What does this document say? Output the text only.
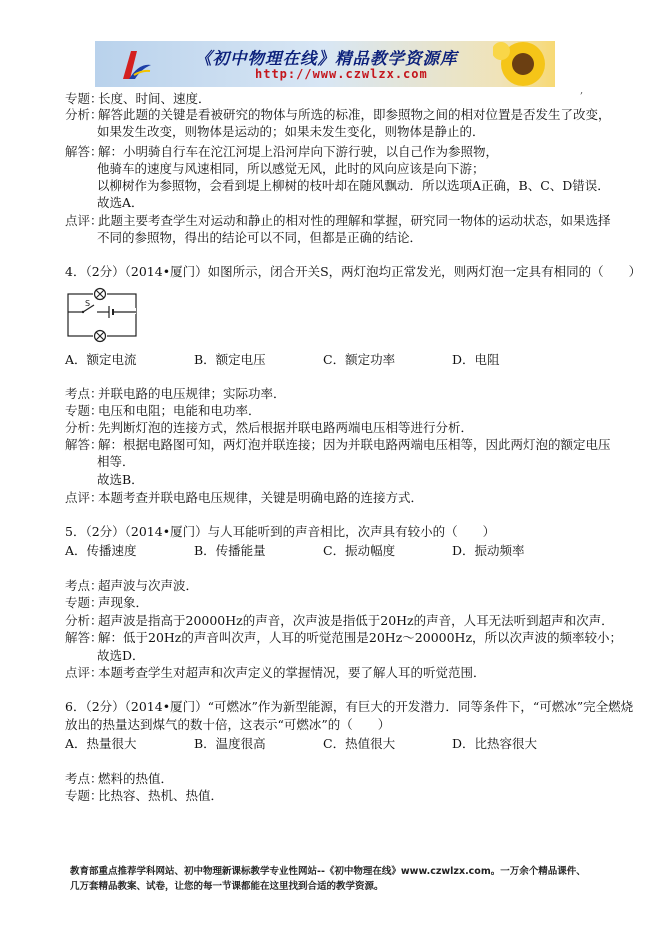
《初中物理在线》精品教学资源库
http://www.czwlzx.com
,
专题：长度、时间、速度．
分析：解答此题的关键是看被研究的物体与所选的标准，即参照物之间的相对位置是否发生了改变，
如果发生改变，则物体是运动的；如果未发生变化，则物体是静止的．
解答：解：小明骑自行车在沱江河堤上沿河岸向下游行驶，以自己作为参照物，
他骑车的速度与风速相同，所以感觉无风，此时的风向应该是向下游；
以柳树作为参照物，会看到堤上柳树的枝叶却在随风飘动．所以选项A正确，B、C、D错误．
故选A．
点评：此题主要考查学生对运动和静止的相对性的理解和掌握，研究同一物体的运动状态，如果选择
不同的参照物，得出的结论可以不同，但都是正确的结论．
4．（2分）（2014•厦门）如图所示，闭合开关S，两灯泡均正常发光，则两灯泡一定具有相同的（　　）
S
A．额定电流	B．额定电压	C．额定功率	D．电阻
考点：并联电路的电压规律；实际功率．
专题：电压和电阻；电能和电功率．
分析：先判断灯泡的连接方式，然后根据并联电路两端电压相等进行分析．
解答：解：根据电路图可知，两灯泡并联连接；因为并联电路两端电压相等，因此两灯泡的额定电压
相等．
故选B．
点评：本题考查并联电路电压规律，关键是明确电路的连接方式．
5．（2分）（2014•厦门）与人耳能听到的声音相比，次声具有较小的（　　）
A．传播速度	B．传播能量	C．振动幅度	D．振动频率
考点：超声波与次声波．
专题：声现象．
分析：超声波是指高于20000Hz的声音，次声波是指低于20Hz的声音，人耳无法听到超声和次声．
解答：解：低于20Hz的声音叫次声，人耳的听觉范围是20Hz～20000Hz，所以次声波的频率较小；
故选D．
点评：本题考查学生对超声和次声定义的掌握情况，要了解人耳的听觉范围．
6．（2分）（2014•厦门）“可燃冰”作为新型能源，有巨大的开发潜力．同等条件下，“可燃冰”完全燃烧
放出的热量达到煤气的数十倍，这表示“可燃冰”的（　　）
A．热量很大	B．温度很高	C．热值很大	D．比热容很大
考点：燃料的热值．
专题：比热容、热机、热值．
教育部重点推荐学科网站、初中物理新课标教学专业性网站--《初中物理在线》www.czwlzx.com。一万余个精品课件、
几万套精品教案、试卷，让您的每一节课都能在这里找到合适的教学资源。
